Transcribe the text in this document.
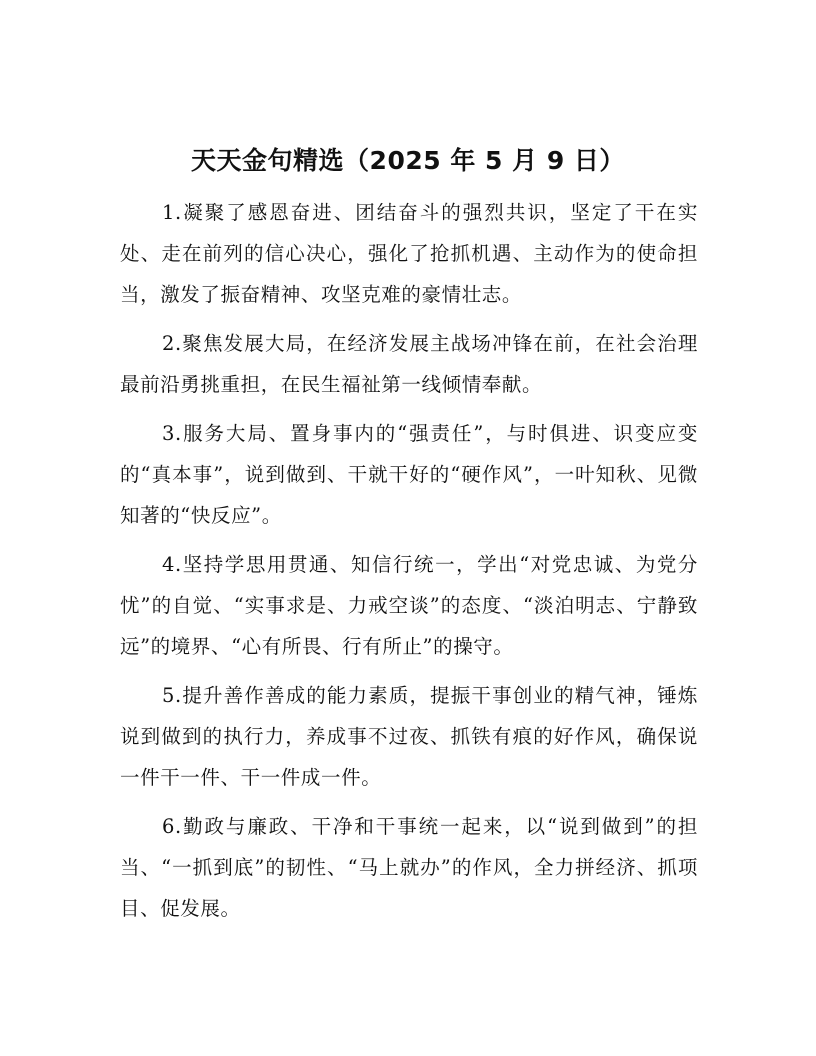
天天金句精选（2025 年 5 月 9 日）

1.凝聚了感恩奋进、团结奋斗的强烈共识，坚定了干在实处、走在前列的信心决心，强化了抢抓机遇、主动作为的使命担当，激发了振奋精神、攻坚克难的豪情壮志。

2.聚焦发展大局，在经济发展主战场冲锋在前，在社会治理最前沿勇挑重担，在民生福祉第一线倾情奉献。

3.服务大局、置身事内的“强责任”，与时俱进、识变应变的“真本事”，说到做到、干就干好的“硬作风”，一叶知秋、见微知著的“快反应”。

4.坚持学思用贯通、知信行统一，学出“对党忠诚、为党分忧”的自觉、“实事求是、力戒空谈”的态度、“淡泊明志、宁静致远”的境界、“心有所畏、行有所止”的操守。

5.提升善作善成的能力素质，提振干事创业的精气神，锤炼说到做到的执行力，养成事不过夜、抓铁有痕的好作风，确保说一件干一件、干一件成一件。

6.勤政与廉政、干净和干事统一起来，以“说到做到”的担当、“一抓到底”的韧性、“马上就办”的作风，全力拼经济、抓项目、促发展。
